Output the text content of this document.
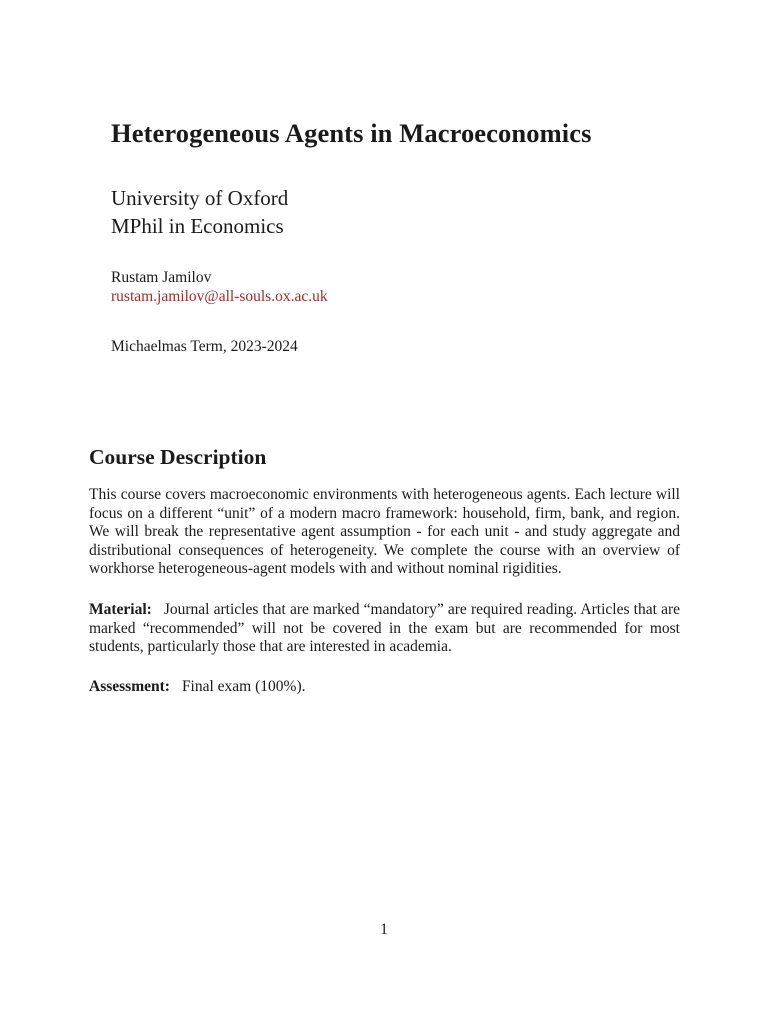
Heterogeneous Agents in Macroeconomics
University of Oxford
MPhil in Economics
Rustam Jamilov
rustam.jamilov@all-souls.ox.ac.uk
Michaelmas Term, 2023-2024
Course Description

This course covers macroeconomic environments with heterogeneous agents. Each lecture will focus on a different “unit” of a modern macro framework: household, firm, bank, and region. We will break the representative agent assumption - for each unit - and study aggregate and distributional consequences of heterogeneity. We complete the course with an overview of workhorse heterogeneous-agent models with and without nominal rigidities.

Material: Journal articles that are marked “mandatory” are required reading. Articles that are marked “recommended” will not be covered in the exam but are recommended for most students, particularly those that are interested in academia.

Assessment: Final exam (100%).

1
